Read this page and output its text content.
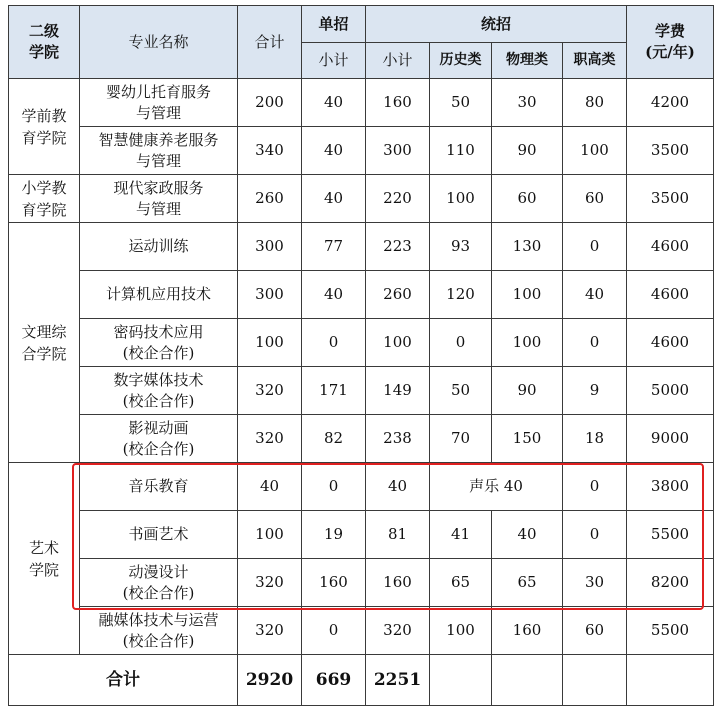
二级
学院	专业名称	合计	单招	统招				学费
(元/年)

			小计	小计	历史类	物理类	职高类	

学前教
育学院	婴幼儿托育服务
与管理	200	40	160	50	30	80	4200

	智慧健康养老服务
与管理	340	40	300	110	90	100	3500

小学教
育学院	现代家政服务
与管理	260	40	220	100	60	60	3500

文理综
合学院	运动训练	300	77	223	93	130	0	4600
	计算机应用技术	300	40	260	120	100	40	4600

	密码技术应用
(校企合作)	100	0	100	0	100	0	4600

	数字媒体技术
(校企合作)	320	171	149	50	90	9	5000

	影视动画
(校企合作)	320	82	238	70	150	18	9000

艺术
学院	音乐教育	40	0	40	声乐 40		0	3800
	书画艺术	100	19	81	41	40	0	5500

	动漫设计
(校企合作)	320	160	160	65	65	30	8200

	融媒体技术与运营
(校企合作)	320	0	320	100	160	60	5500
合计		2920	669	2251				
